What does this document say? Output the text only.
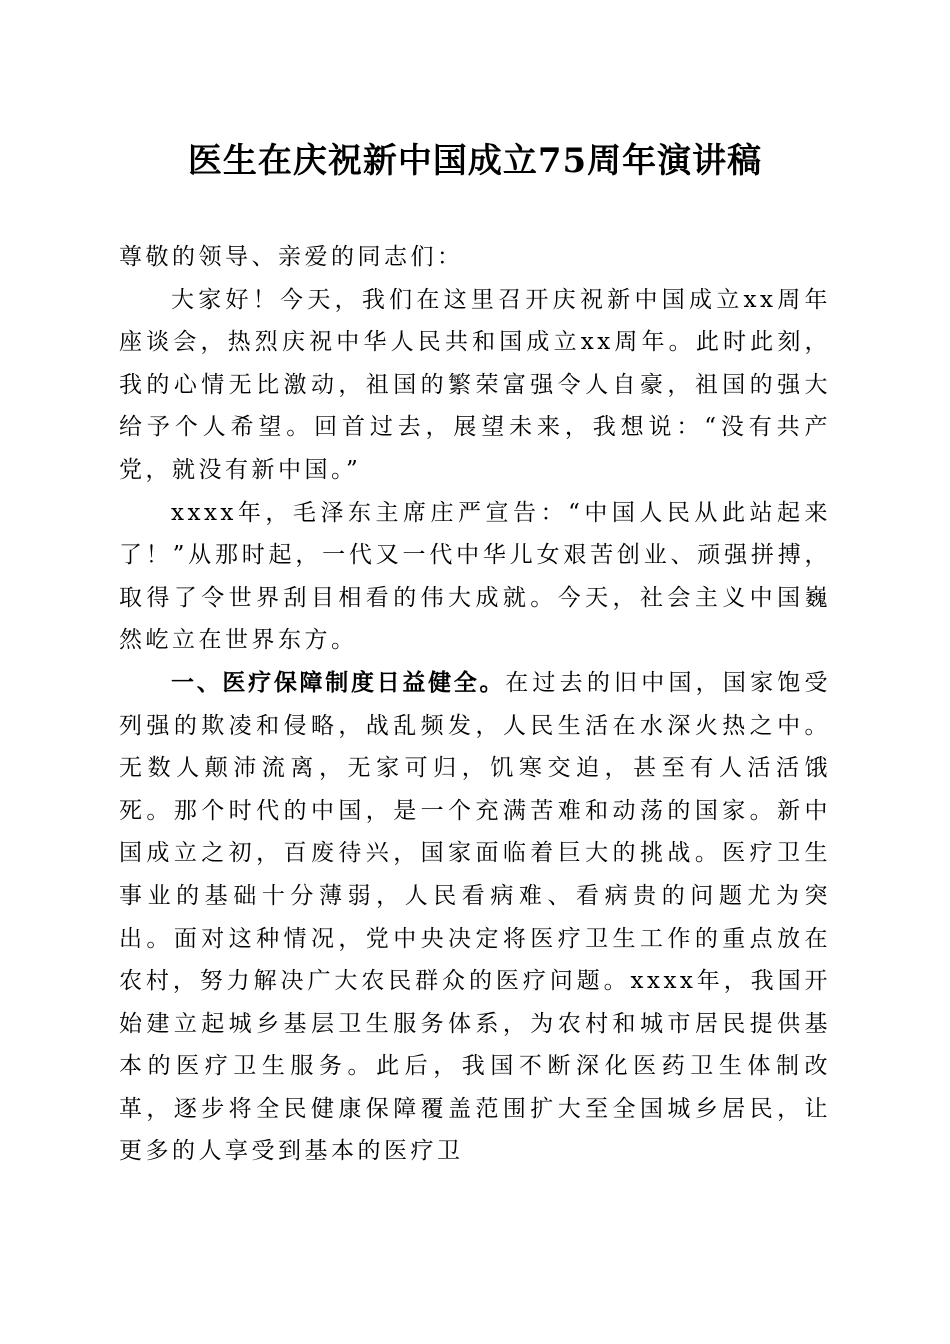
医生在庆祝新中国成立75周年演讲稿

尊敬的领导、亲爱的同志们：

大家好！今天，我们在这里召开庆祝新中国成立xx周年座谈会，热烈庆祝中华人民共和国成立xx周年。此时此刻，我的心情无比激动，祖国的繁荣富强令人自豪，祖国的强大给予个人希望。回首过去，展望未来，我想说：“没有共产党，就没有新中国。”

xxxx年，毛泽东主席庄严宣告：“中国人民从此站起来了！”从那时起，一代又一代中华儿女艰苦创业、顽强拼搏，取得了令世界刮目相看的伟大成就。今天，社会主义中国巍然屹立在世界东方。

一、医疗保障制度日益健全。在过去的旧中国，国家饱受列强的欺凌和侵略，战乱频发，人民生活在水深火热之中。无数人颠沛流离，无家可归，饥寒交迫，甚至有人活活饿死。那个时代的中国，是一个充满苦难和动荡的国家。新中国成立之初，百废待兴，国家面临着巨大的挑战。医疗卫生事业的基础十分薄弱，人民看病难、看病贵的问题尤为突出。面对这种情况，党中央决定将医疗卫生工作的重点放在农村，努力解决广大农民群众的医疗问题。xxxx年，我国开始建立起城乡基层卫生服务体系，为农村和城市居民提供基本的医疗卫生服务。此后，我国不断深化医药卫生体制改革，逐步将全民健康保障覆盖范围扩大至全国城乡居民，让更多的人享受到基本的医疗卫
